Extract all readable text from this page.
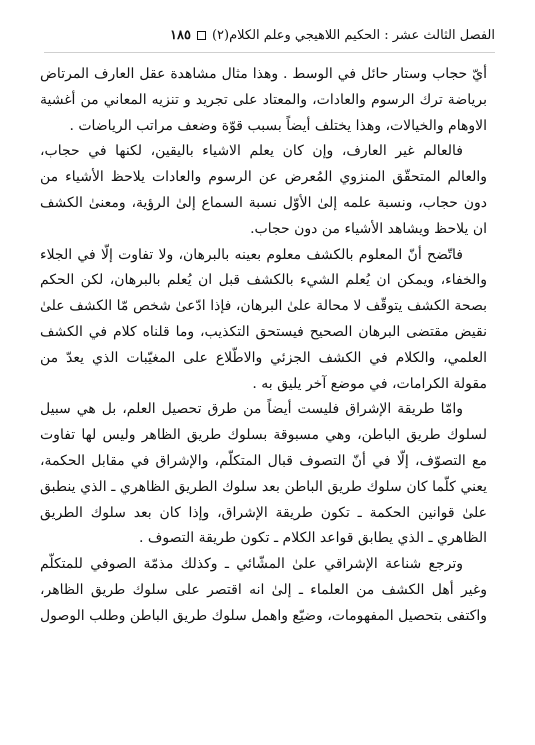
الفصل الثالث عشر : الحكيم اللاهيجي وعلم الكلام(٢)١٨٥

أيّ حجاب وستار حائل في الوسط . وهذا مثال مشاهدة عقل العارف المرتاض برياضة ترك الرسوم والعادات، والمعتاد على تجريد و تنزيه المعاني من أغشية الاوهام والخيالات، وهذا يختلف أيضاً بسبب قوّة وضعف مراتب الرياضات .

فالعالم غير العارف، وإن كان يعلم الاشياء باليقين، لكنها في حجاب، والعالم المتحقّق المنزوي المُعرض عن الرسوم والعادات يلاحظ الأشياء من دون حجاب، ونسبة علمه إلىٰ الأوّل نسبة السماع إلىٰ الرؤية، ومعنىٰ الكشف ان يلاحظ ويشاهد الأشياء من دون حجاب.

فاتّضح أنّ المعلوم بالكشف معلوم بعينه بالبرهان، ولا تفاوت إلّا في الجلاء والخفاء، ويمكن ان يُعلم الشيء بالكشف قبل ان يُعلم بالبرهان، لكن الحكم بصحة الكشف يتوقّف لا محالة علىٰ البرهان، فإذا ادّعىٰ شخص مّا الكشف علىٰ نقيض مقتضى البرهان الصحيح فيستحق التكذيب، وما قلناه كلام في الكشف العلمي، والكلام في الكشف الجزئي والاطّلاع على المغيّبات الذي يعدّ من مقولة الكرامات، في موضع آخر يليق به .

وامّا طريقة الإشراق فليست أيضاً من طرق تحصيل العلم، بل هي سبيل لسلوك طريق الباطن، وهي مسبوقة بسلوك طريق الظاهر وليس لها تفاوت مع التصوّف، إلّا في أنّ التصوف قبال المتكلّم، والإشراق في مقابل الحكمة، يعني كلّما كان سلوك طريق الباطن بعد سلوك الطريق الظاهري ـ الذي ينطبق علىٰ قوانين الحكمة ـ تكون طريقة الإشراق، وإذا كان بعد سلوك الطريق الظاهري ـ الذي يطابق قواعد الكلام ـ تكون طريقة التصوف .

وترجع شناعة الإشراقي علىٰ المشّائي ـ وكذلك مذمّة الصوفي للمتكلّم وغير أهل الكشف من العلماء ـ إلىٰ انه اقتصر على سلوك طريق الظاهر، واكتفى بتحصيل المفهومات، وضيّع واهمل سلوك طريق الباطن وطلب الوصول
